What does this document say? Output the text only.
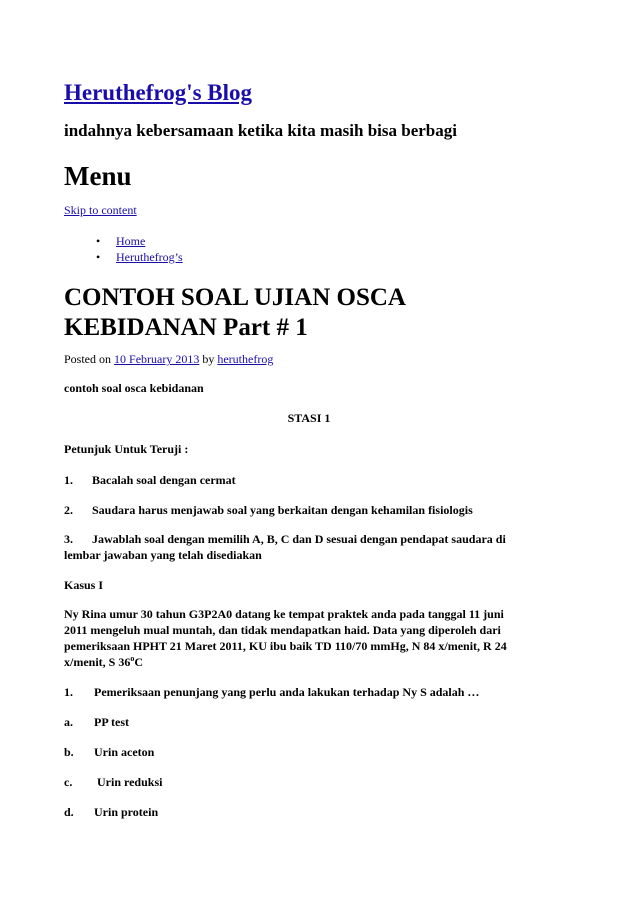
Heruthefrog's Blog

indahnya kebersamaan ketika kita masih bisa berbagi

Menu
Skip to content
• Home
• Heruthefrog’s
CONTOH SOAL UJIAN OSCA
KEBIDANAN Part # 1
Posted on 10 February 2013 by heruthefrog

contoh soal osca kebidanan

STASI 1

Petunjuk Untuk Teruji :

1. Bacalah soal dengan cermat

2. Saudara harus menjawab soal yang berkaitan dengan kehamilan fisiologis

3. Jawablah soal dengan memilih A, B, C dan D sesuai dengan pendapat saudara di

lembar jawaban yang telah disediakan

Kasus I

Ny Rina umur 30 tahun G3P2A0 datang ke tempat praktek anda pada tanggal 11 juni

2011 mengeluh mual muntah, dan tidak mendapatkan haid. Data yang diperoleh dari

pemeriksaan HPHT 21 Maret 2011, KU ibu baik TD 110/70 mmHg, N 84 x/menit, R 24

x/menit, S 36$^o$C

1. Pemeriksaan penunjang yang perlu anda lakukan terhadap Ny S adalah …

a. PP test

b. Urin aceton

c. Urin reduksi

d. Urin protein
